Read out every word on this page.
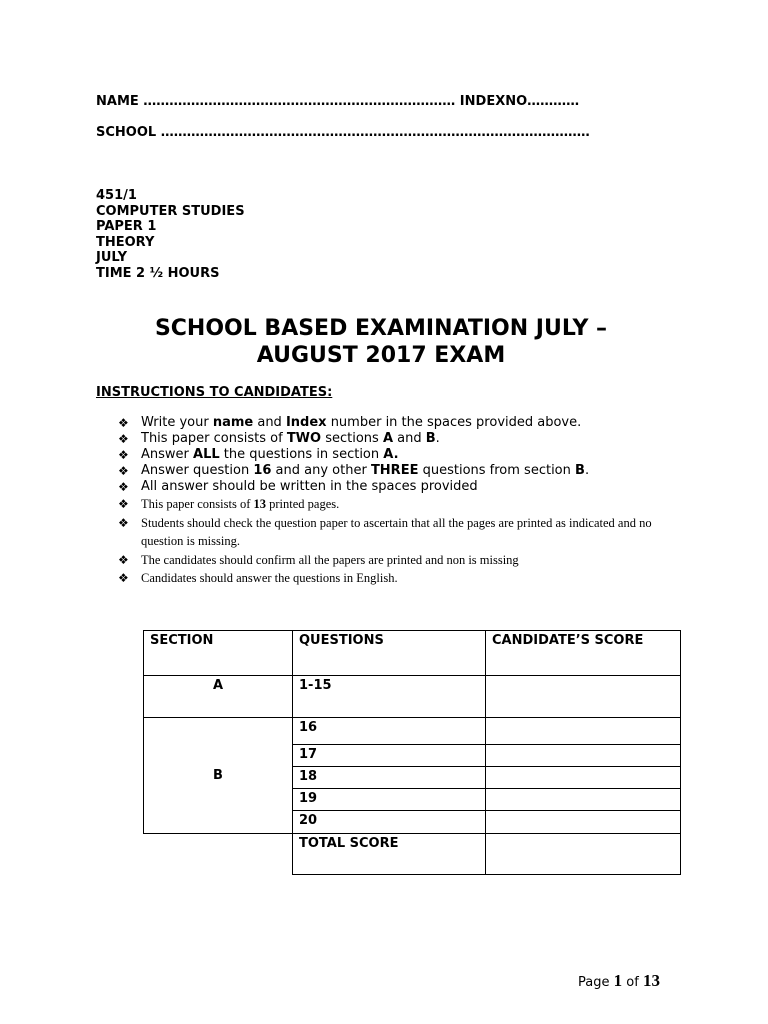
NAME ……………………………………………………………… INDEXNO…………
SCHOOL ………………………………………………………………………………………
451/1
COMPUTER STUDIES
PAPER 1
THEORY
JULY
TIME 2 ½ HOURS
SCHOOL BASED EXAMINATION JULY –
AUGUST 2017 EXAM
INSTRUCTIONS TO CANDIDATES:
❖ Write your name and Index number in the spaces provided above.
❖ This paper consists of TWO sections A and B.
❖ Answer ALL the questions in section A.
❖ Answer question 16 and any other THREE questions from section B.
❖ All answer should be written in the spaces provided
❖ This paper consists of 13 printed pages.
❖ Students should check the question paper to ascertain that all the pages are printed as indicated and no question is missing.
❖ The candidates should confirm all the papers are printed and non is missing
❖ Candidates should answer the questions in English.
SECTION	QUESTIONS	CANDIDATE’S SCORE
A	1-15	
B	16	
	17	
	18	
	19	
	20	
	TOTAL SCORE	
Page 1 of 13
